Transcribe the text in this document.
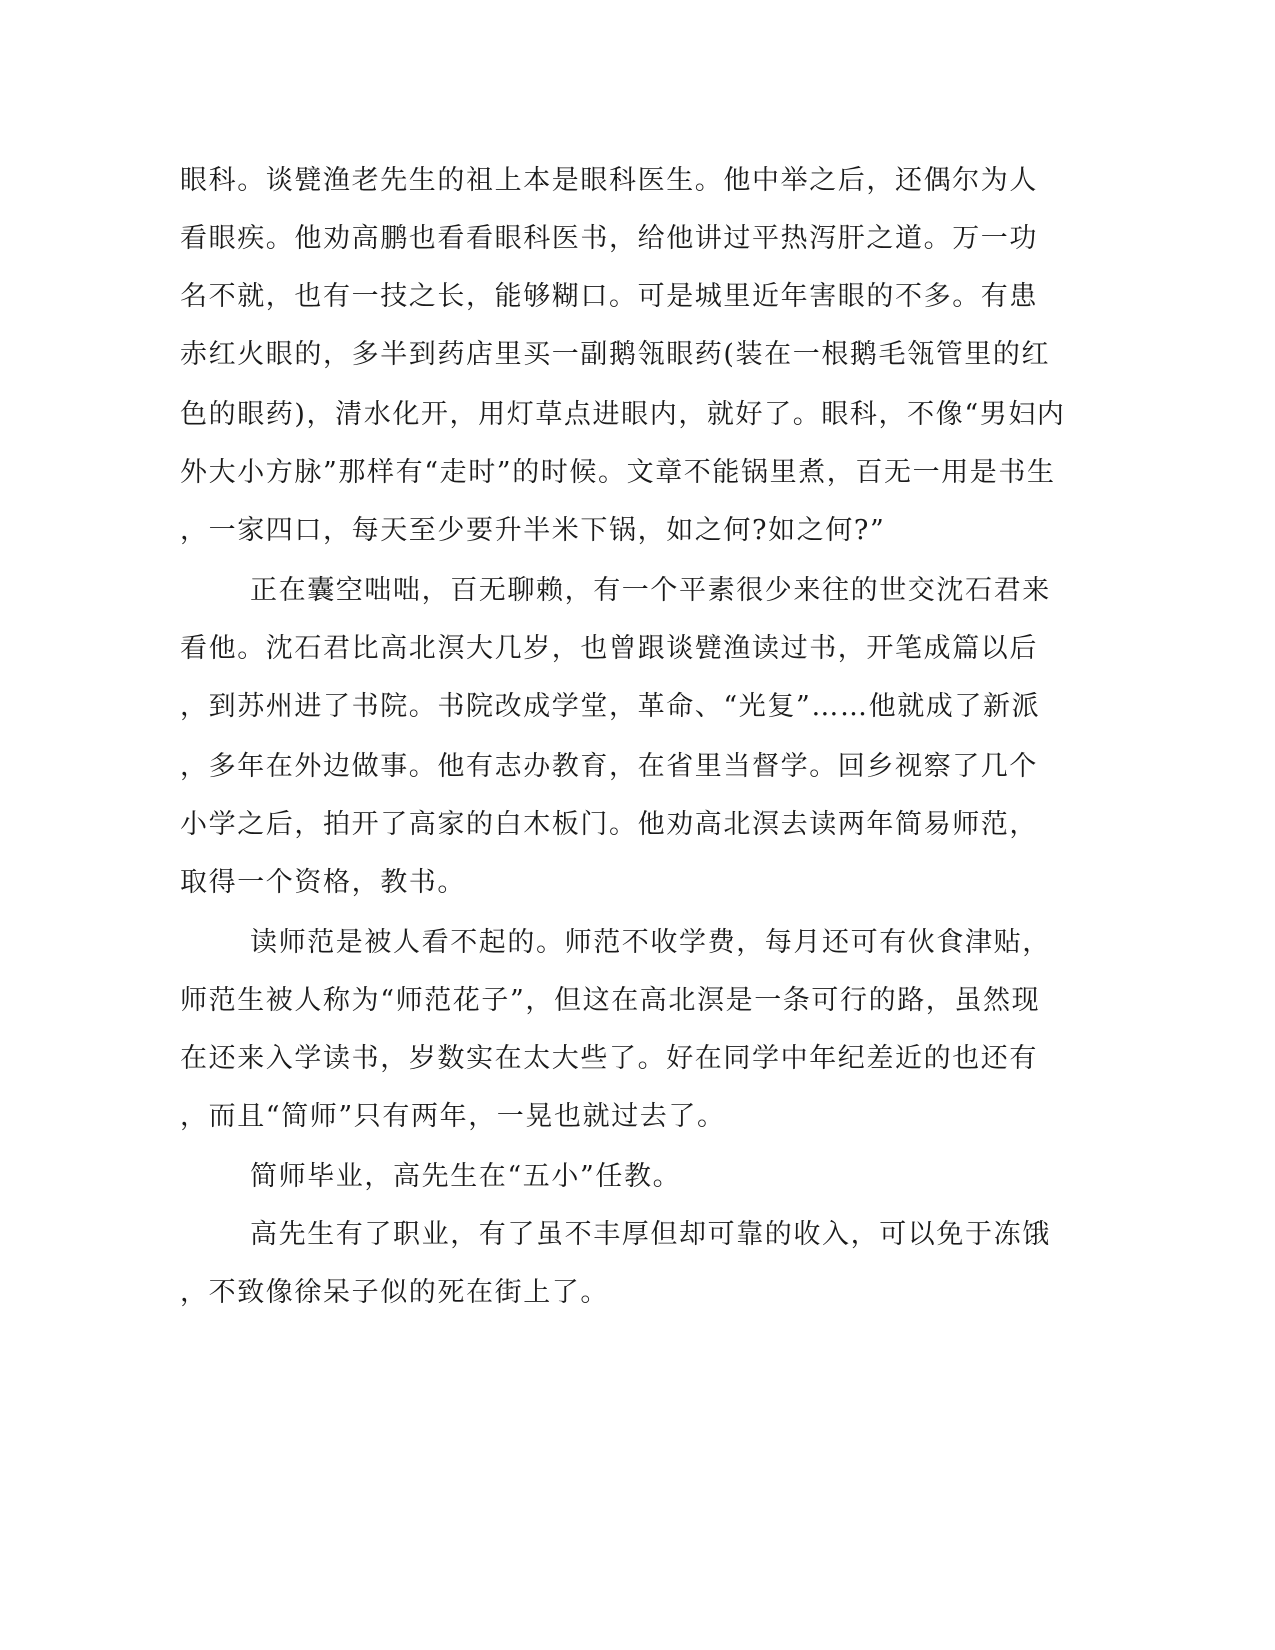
眼科。谈甓渔老先生的祖上本是眼科医生。他中举之后，还偶尔为人

看眼疾。他劝高鹏也看看眼科医书，给他讲过平热泻肝之道。万一功

名不就，也有一技之长，能够糊口。可是城里近年害眼的不多。有患

赤红火眼的，多半到药店里买一副鹅瓴眼药(装在一根鹅毛瓴管里的红

色的眼药)，清水化开，用灯草点进眼内，就好了。眼科，不像“男妇内

外大小方脉”那样有“走时”的时候。文章不能锅里煮，百无一用是书生

，一家四口，每天至少要升半米下锅，如之何?如之何?”

正在囊空咄咄，百无聊赖，有一个平素很少来往的世交沈石君来

看他。沈石君比高北溟大几岁，也曾跟谈甓渔读过书，开笔成篇以后

，到苏州进了书院。书院改成学堂，革命、“光复”……他就成了新派

，多年在外边做事。他有志办教育，在省里当督学。回乡视察了几个

小学之后，拍开了高家的白木板门。他劝高北溟去读两年简易师范，

取得一个资格，教书。

读师范是被人看不起的。师范不收学费，每月还可有伙食津贴，

师范生被人称为“师范花子”，但这在高北溟是一条可行的路，虽然现

在还来入学读书，岁数实在太大些了。好在同学中年纪差近的也还有

，而且“简师”只有两年，一晃也就过去了。

简师毕业，高先生在“五小”任教。

高先生有了职业，有了虽不丰厚但却可靠的收入，可以免于冻饿

，不致像徐呆子似的死在街上了。
